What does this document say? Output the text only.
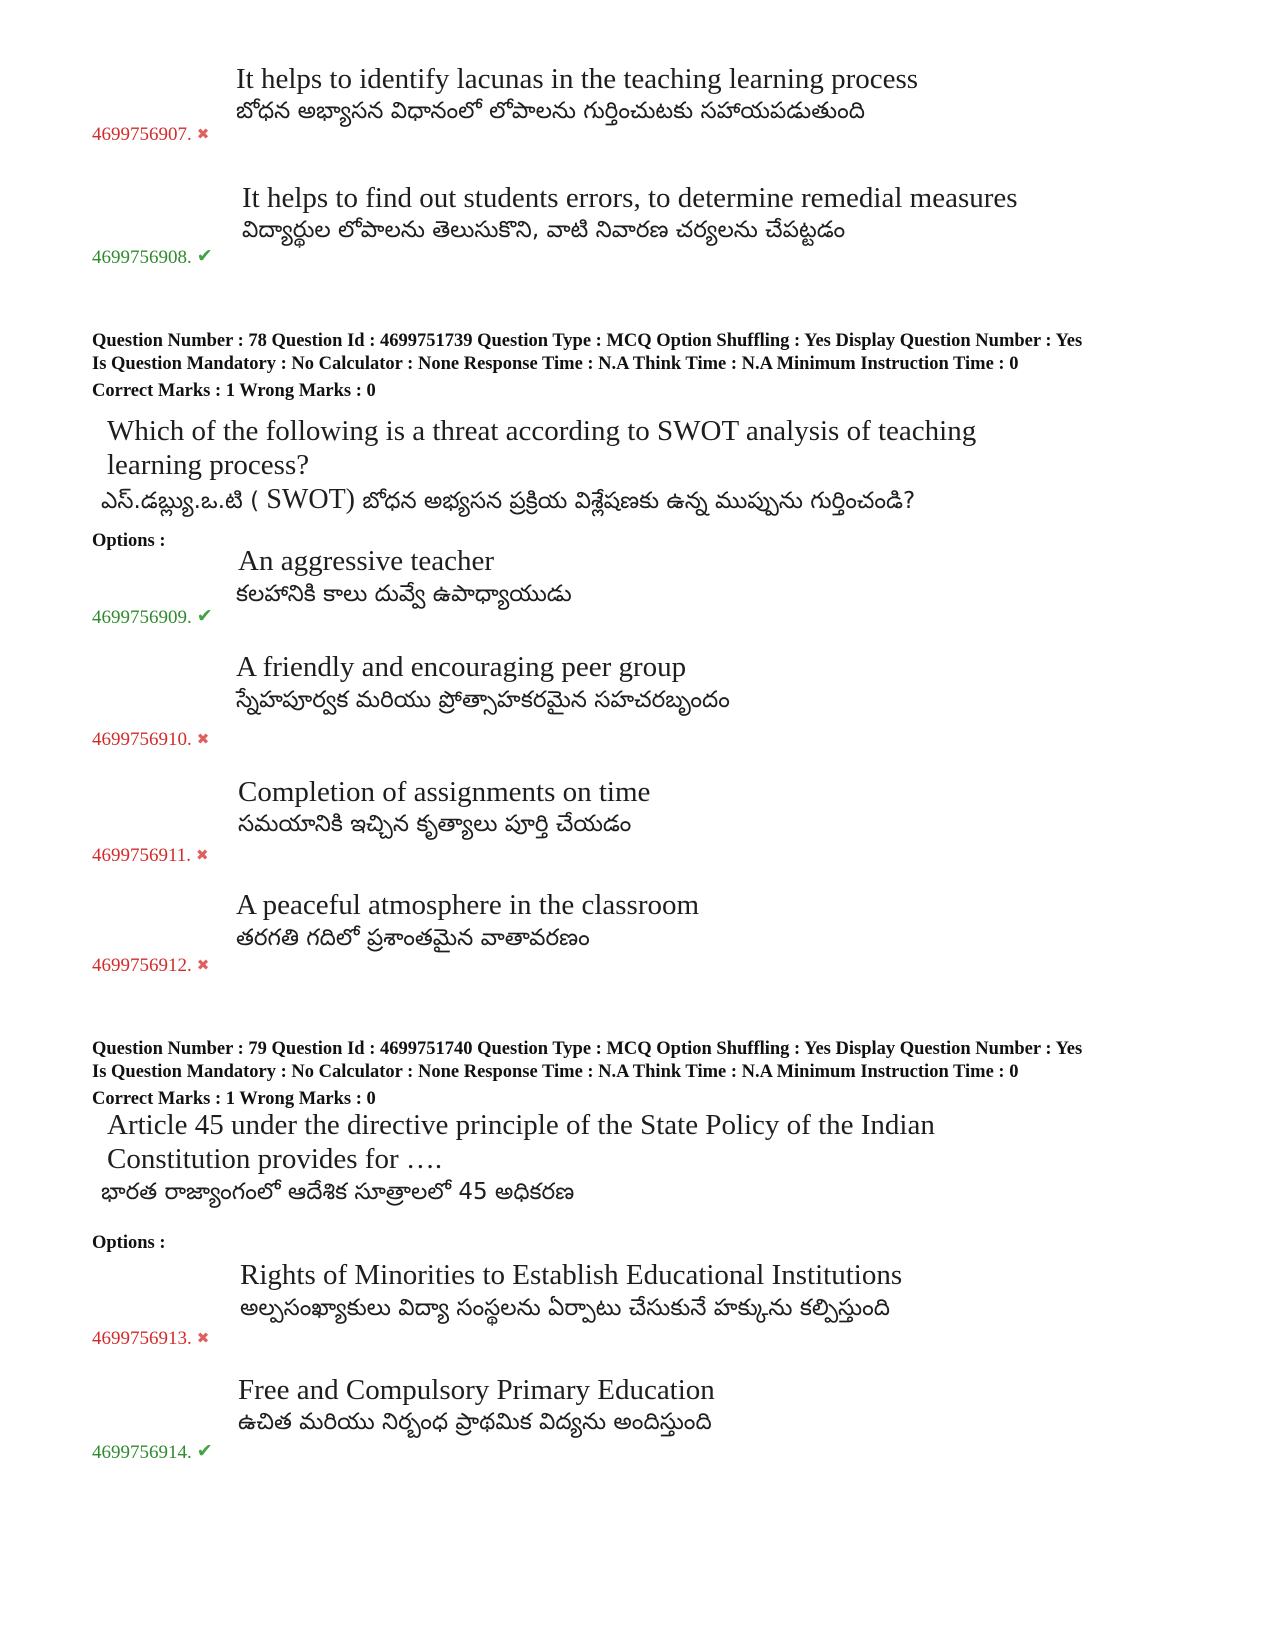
It helps to identify lacunas in the teaching learning process
బోధన అభ్యాసన విధానంలో లోపాలను గుర్తించుటకు సహాయపడుతుంది
4699756907. ✖
It helps to find out students errors, to determine remedial measures
విద్యార్థుల లోపాలను తెలుసుకొని, వాటి నివారణ చర్యలను చేపట్టడం
4699756908. ✔
Question Number : 78 Question Id : 4699751739 Question Type : MCQ Option Shuffling : Yes Display Question Number : Yes
Is Question Mandatory : No Calculator : None Response Time : N.A Think Time : N.A Minimum Instruction Time : 0
Correct Marks : 1 Wrong Marks : 0
Which of the following is a threat according to SWOT analysis of teaching
learning process?
ఎస్.డబ్ల్యు.ఒ.టి ( SWOT) బోధన అభ్యసన ప్రక్రియ విశ్లేషణకు ఉన్న ముప్పును గుర్తించండి?
Options :
An aggressive teacher
కలహానికి కాలు దువ్వే ఉపాధ్యాయుడు
4699756909. ✔
A friendly and encouraging peer group
స్నేహపూర్వక మరియు ప్రోత్సాహకరమైన సహచరబృందం
4699756910. ✖
Completion of assignments on time
సమయానికి ఇచ్చిన కృత్యాలు పూర్తి చేయడం
4699756911. ✖
A peaceful atmosphere in the classroom
తరగతి గదిలో ప్రశాంతమైన వాతావరణం
4699756912. ✖
Question Number : 79 Question Id : 4699751740 Question Type : MCQ Option Shuffling : Yes Display Question Number : Yes
Is Question Mandatory : No Calculator : None Response Time : N.A Think Time : N.A Minimum Instruction Time : 0
Correct Marks : 1 Wrong Marks : 0
Article 45 under the directive principle of the State Policy of the Indian
Constitution provides for ….
భారత రాజ్యాంగంలో ఆదేశిక సూత్రాలలో 45 అధికరణ
Options :
Rights of Minorities to Establish Educational Institutions
అల్పసంఖ్యాకులు విద్యా సంస్థలను ఏర్పాటు చేసుకునే హక్కును కల్పిస్తుంది
4699756913. ✖
Free and Compulsory Primary Education
ఉచిత మరియు నిర్బంధ ప్రాథమిక విద్యను అందిస్తుంది
4699756914. ✔
